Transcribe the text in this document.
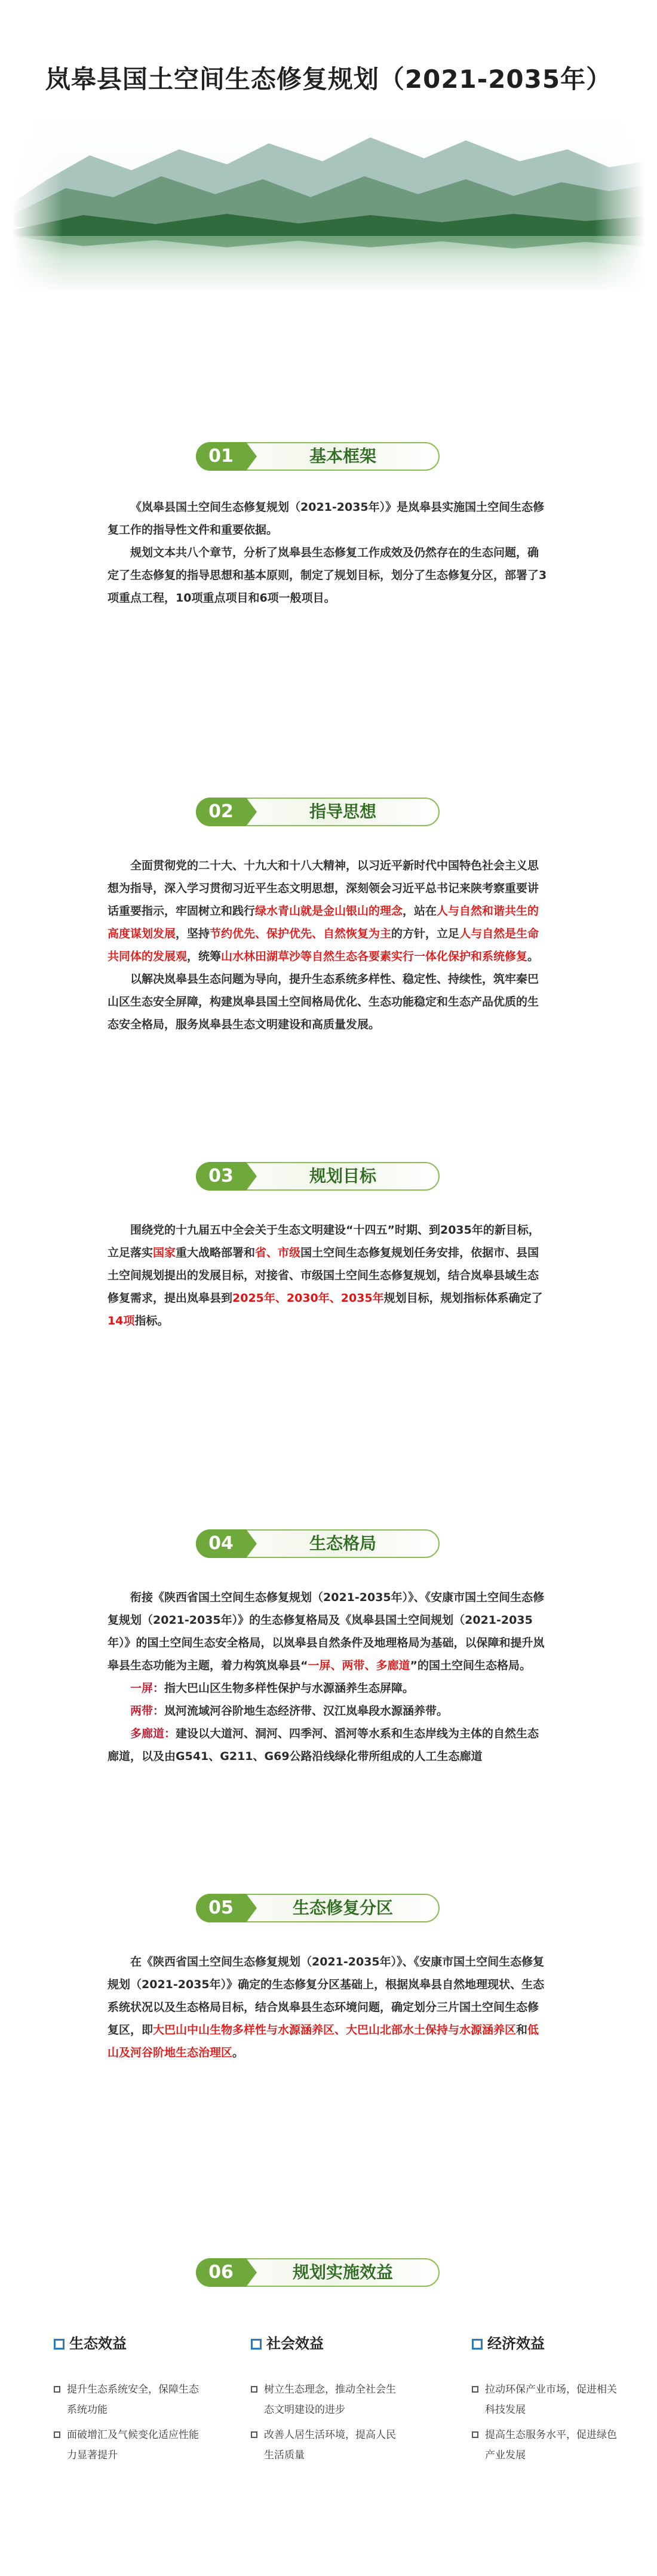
岚皋县国土空间生态修复规划（2021-2035年）
01	基本框架

《岚皋县国土空间生态修复规划（2021-2035年）》是岚皋县实施国土空间生态修复工作的指导性文件和重要依据。

规划文本共八个章节，分析了岚皋县生态修复工作成效及仍然存在的生态问题，确定了生态修复的指导思想和基本原则，制定了规划目标，划分了生态修复分区，部署了3项重点工程，10项重点项目和6项一般项目。

02	指导思想

全面贯彻党的二十大、十九大和十八大精神，以习近平新时代中国特色社会主义思想为指导，深入学习贯彻习近平生态文明思想，深刻领会习近平总书记来陕考察重要讲话重要指示，牢固树立和践行绿水青山就是金山银山的理念，站在人与自然和谐共生的高度谋划发展，坚持节约优先、保护优先、自然恢复为主的方针，立足人与自然是生命共同体的发展观，统筹山水林田湖草沙等自然生态各要素实行一体化保护和系统修复。

以解决岚皋县生态问题为导向，提升生态系统多样性、稳定性、持续性，筑牢秦巴山区生态安全屏障，构建岚皋县国土空间格局优化、生态功能稳定和生态产品优质的生态安全格局，服务岚皋县生态文明建设和高质量发展。

03	规划目标

围绕党的十九届五中全会关于生态文明建设“十四五”时期、到2035年的新目标，立足落实国家重大战略部署和省、市级国土空间生态修复规划任务安排，依据市、县国土空间规划提出的发展目标，对接省、市级国土空间生态修复规划，结合岚皋县域生态修复需求，提出岚皋县到2025年、2030年、2035年规划目标，规划指标体系确定了14项指标。

04	生态格局

衔接《陕西省国土空间生态修复规划（2021-2035年）》、《安康市国土空间生态修复规划（2021-2035年）》的生态修复格局及《岚皋县国土空间规划（2021-2035年）》的国土空间生态安全格局，以岚皋县自然条件及地理格局为基础，以保障和提升岚皋县生态功能为主题，着力构筑岚皋县“一屏、两带、多廊道”的国土空间生态格局。

一屏：指大巴山区生物多样性保护与水源涵养生态屏障。

两带：岚河流域河谷阶地生态经济带、汉江岚皋段水源涵养带。

多廊道：建设以大道河、洞河、四季河、滔河等水系和生态岸线为主体的自然生态廊道，以及由G541、G211、G69公路沿线绿化带所组成的人工生态廊道

05	生态修复分区

在《陕西省国土空间生态修复规划（2021-2035年）》、《安康市国土空间生态修复规划（2021-2035年）》确定的生态修复分区基础上，根据岚皋县自然地理现状、生态系统状况以及生态格局目标，结合岚皋县生态环境问题，确定划分三片国土空间生态修复区，即大巴山中山生物多样性与水源涵养区、大巴山北部水土保持与水源涵养区和低山及河谷阶地生态治理区。

06	规划实施效益
生态效益
提升生态系统安全，保障生态系统功能
面破增汇及气候变化适应性能力显著提升
社会效益
树立生态理念，推动全社会生态文明建设的进步
改善人居生活环境，提高人民生活质量
经济效益
拉动环保产业市场，促进相关科技发展
提高生态服务水平，促进绿色产业发展
